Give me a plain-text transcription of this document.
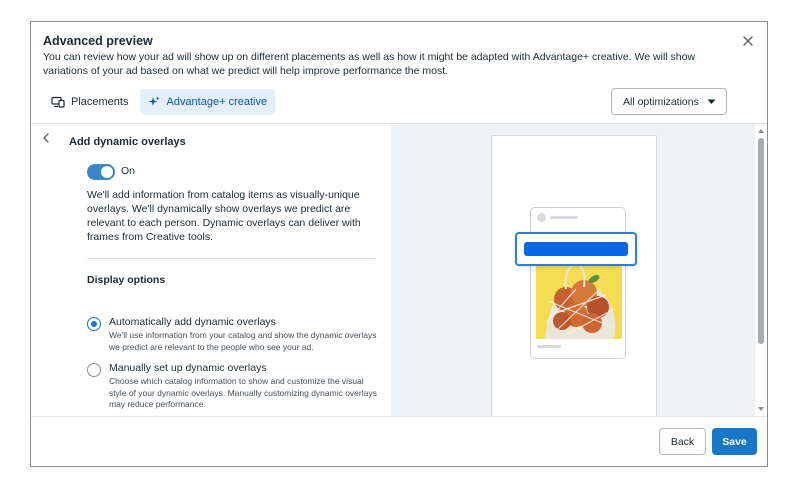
Advanced preview
You can review how your ad will show up on different placements as well as how it might be adapted with Advantage+ creative. We will show variations of your ad based on what we predict will help improve performance the most.
Placements	Advantage+ creative	All optimizations
Add dynamic overlays
On
We'll add information from catalog items as visually-unique overlays. We'll dynamically show overlays we predict are relevant to each person. Dynamic overlays can deliver with frames from Creative tools.
Display options
Automatically add dynamic overlays
We'll use information from your catalog and show the dynamic overlays we predict are relevant to the people who see your ad.
Manually set up dynamic overlays
Choose which catalog information to show and customize the visual style of your dynamic overlays. Manually customizing dynamic overlays may reduce performance.
Back	Save
